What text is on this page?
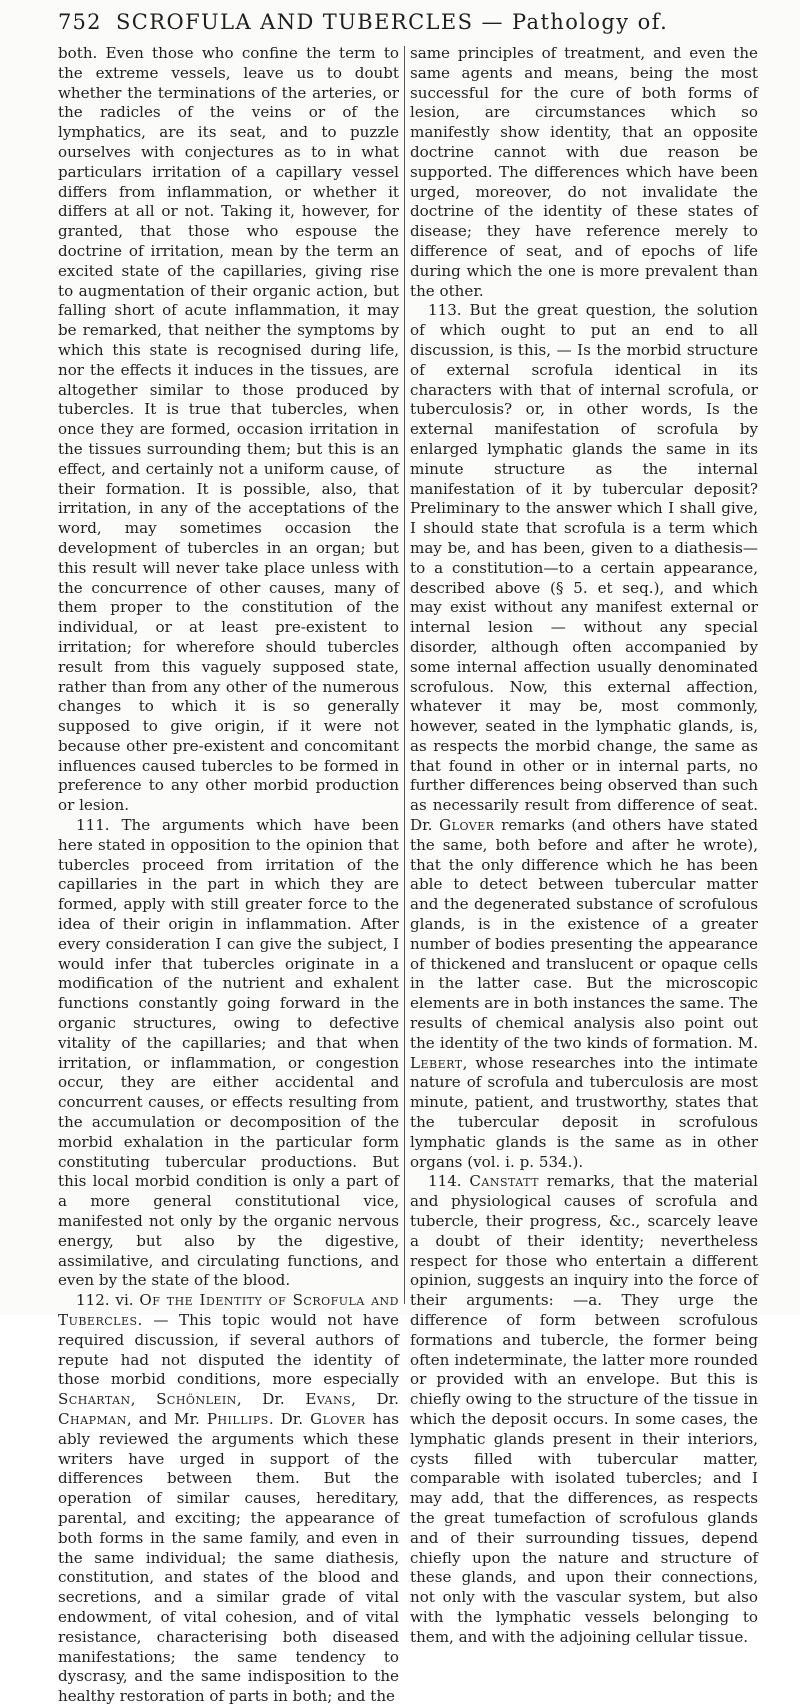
752 SCROFULA AND TUBERCLES — Pathology of.

both. Even those who confine the term to the extreme vessels, leave us to doubt whether the terminations of the arteries, or the radicles of the veins or of the lymphatics, are its seat, and to puzzle ourselves with conjectures as to in what particulars irritation of a capillary vessel differs from inflammation, or whether it differs at all or not. Taking it, however, for granted, that those who espouse the doctrine of irritation, mean by the term an excited state of the capillaries, giving rise to augmentation of their organic action, but falling short of acute inflammation, it may be remarked, that neither the symptoms by which this state is recognised during life, nor the effects it induces in the tissues, are altogether similar to those produced by tubercles. It is true that tubercles, when once they are formed, occasion irritation in the tissues surrounding them; but this is an effect, and certainly not a uniform cause, of their formation. It is possible, also, that irritation, in any of the acceptations of the word, may sometimes occasion the development of tubercles in an organ; but this result will never take place unless with the concurrence of other causes, many of them proper to the constitution of the individual, or at least pre-existent to irritation; for wherefore should tubercles result from this vaguely supposed state, rather than from any other of the numerous changes to which it is so generally supposed to give origin, if it were not because other pre-existent and concomitant influences caused tubercles to be formed in preference to any other morbid production or lesion.

111. The arguments which have been here stated in opposition to the opinion that tubercles proceed from irritation of the capillaries in the part in which they are formed, apply with still greater force to the idea of their origin in inflammation. After every consideration I can give the subject, I would infer that tubercles originate in a modification of the nutrient and exhalent functions constantly going forward in the organic structures, owing to defective vitality of the capillaries; and that when irritation, or inflammation, or congestion occur, they are either accidental and concurrent causes, or effects resulting from the accumulation or decomposition of the morbid exhalation in the particular form constituting tubercular productions. But this local morbid condition is only a part of a more general constitutional vice, manifested not only by the organic nervous energy, but also by the digestive, assimilative, and circulating functions, and even by the state of the blood.

112. vi. Of the Identity of Scrofula and Tubercles. — This topic would not have required discussion, if several authors of repute had not disputed the identity of those morbid conditions, more especially Schartan, Schönlein, Dr. Evans, Dr. Chapman, and Mr. Phillips. Dr. Glover has ably reviewed the arguments which these writers have urged in support of the differences between them. But the operation of similar causes, hereditary, parental, and exciting; the appearance of both forms in the same family, and even in the same individual; the same diathesis, constitution, and states of the blood and secretions, and a similar grade of vital endowment, of vital cohesion, and of vital resistance, characterising both diseased manifestations; the same tendency to dyscrasy, and the same indisposition to the healthy restoration of parts in both; and the

same principles of treatment, and even the same agents and means, being the most successful for the cure of both forms of lesion, are circumstances which so manifestly show identity, that an opposite doctrine cannot with due reason be supported. The differences which have been urged, moreover, do not invalidate the doctrine of the identity of these states of disease; they have reference merely to difference of seat, and of epochs of life during which the one is more prevalent than the other.

113. But the great question, the solution of which ought to put an end to all discussion, is this, — Is the morbid structure of external scrofula identical in its characters with that of internal scrofula, or tuberculosis? or, in other words, Is the external manifestation of scrofula by enlarged lymphatic glands the same in its minute structure as the internal manifestation of it by tubercular deposit? Preliminary to the answer which I shall give, I should state that scrofula is a term which may be, and has been, given to a diathesis—to a constitution—to a certain appearance, described above (§ 5. et seq.), and which may exist without any manifest external or internal lesion — without any special disorder, although often accompanied by some internal affection usually denominated scrofulous. Now, this external affection, whatever it may be, most commonly, however, seated in the lymphatic glands, is, as respects the morbid change, the same as that found in other or in internal parts, no further differences being observed than such as necessarily result from difference of seat. Dr. Glover remarks (and others have stated the same, both before and after he wrote), that the only difference which he has been able to detect between tubercular matter and the degenerated substance of scrofulous glands, is in the existence of a greater number of bodies presenting the appearance of thickened and translucent or opaque cells in the latter case. But the microscopic elements are in both instances the same. The results of chemical analysis also point out the identity of the two kinds of formation. M. Lebert, whose researches into the intimate nature of scrofula and tuberculosis are most minute, patient, and trustworthy, states that the tubercular deposit in scrofulous lymphatic glands is the same as in other organs (vol. i. p. 534.).

114. Canstatt remarks, that the material and physiological causes of scrofula and tubercle, their progress, &c., scarcely leave a doubt of their identity; nevertheless respect for those who entertain a different opinion, suggests an inquiry into the force of their arguments: —a. They urge the difference of form between scrofulous formations and tubercle, the former being often indeterminate, the latter more rounded or provided with an envelope. But this is chiefly owing to the structure of the tissue in which the deposit occurs. In some cases, the lymphatic glands present in their interiors, cysts filled with tubercular matter, comparable with isolated tubercles; and I may add, that the differences, as respects the great tumefaction of scrofulous glands and of their surrounding tissues, depend chiefly upon the nature and structure of these glands, and upon their connections, not only with the vascular system, but also with the lymphatic vessels belonging to them, and with the adjoining cellular tissue.
